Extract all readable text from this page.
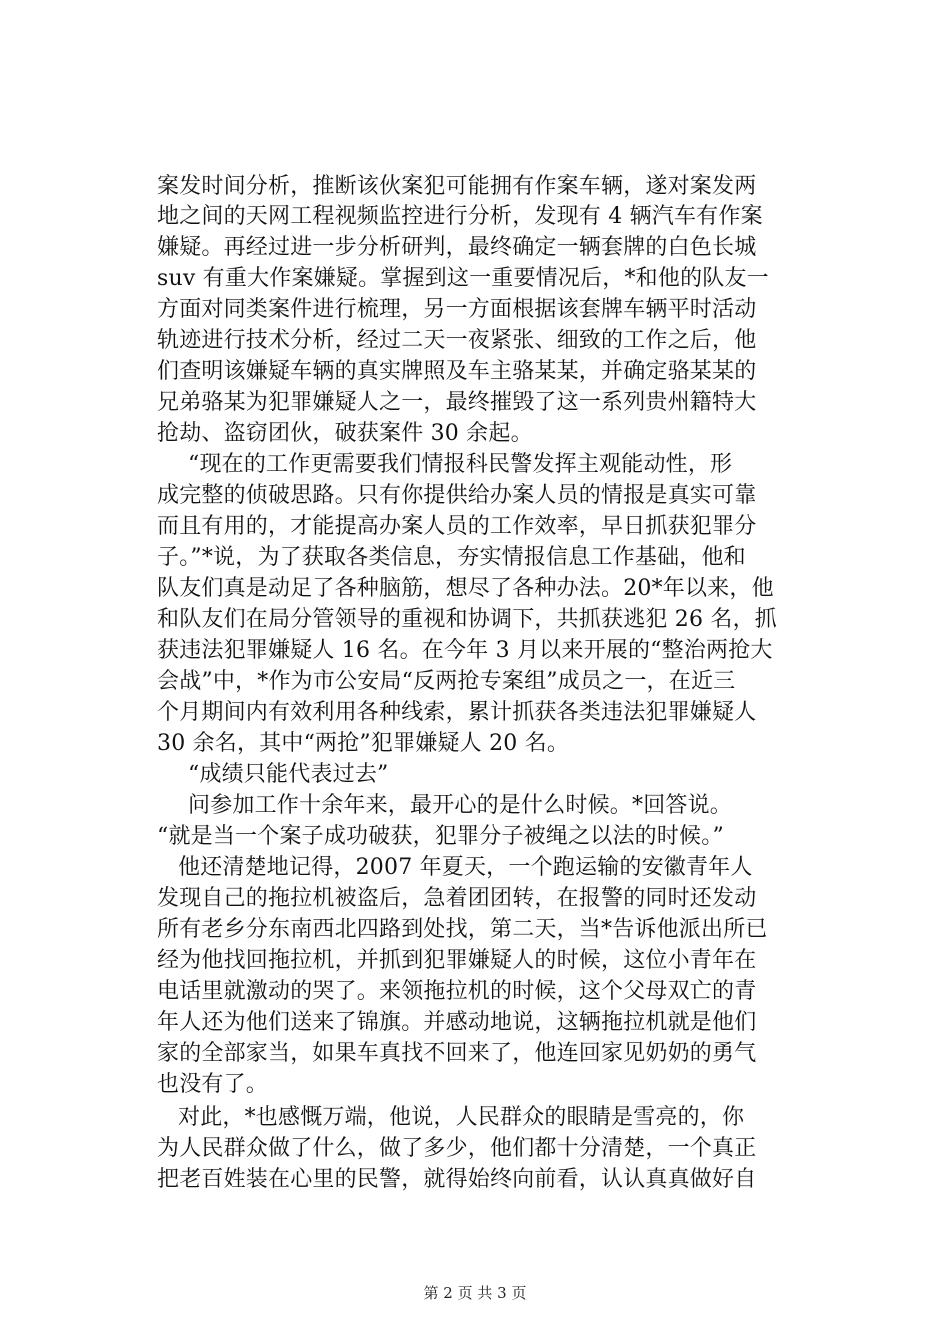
案发时间分析，推断该伙案犯可能拥有作案车辆，遂对案发两
地之间的天网工程视频监控进行分析，发现有 4 辆汽车有作案
嫌疑。再经过进一步分析研判，最终确定一辆套牌的白色长城
suv 有重大作案嫌疑。掌握到这一重要情况后，*和他的队友一
方面对同类案件进行梳理，另一方面根据该套牌车辆平时活动
轨迹进行技术分析，经过二天一夜紧张、细致的工作之后，他
们查明该嫌疑车辆的真实牌照及车主骆某某，并确定骆某某的
兄弟骆某为犯罪嫌疑人之一，最终摧毁了这一系列贵州籍特大
抢劫、盗窃团伙，破获案件 30 余起。
“现在的工作更需要我们情报科民警发挥主观能动性，形
成完整的侦破思路。只有你提供给办案人员的情报是真实可靠
而且有用的，才能提高办案人员的工作效率，早日抓获犯罪分
子。”*说，为了获取各类信息，夯实情报信息工作基础，他和
队友们真是动足了各种脑筋，想尽了各种办法。20*年以来，他
和队友们在局分管领导的重视和协调下，共抓获逃犯 26 名，抓
获违法犯罪嫌疑人 16 名。在今年 3 月以来开展的“整治两抢大
会战”中，*作为市公安局“反两抢专案组”成员之一，在近三
个月期间内有效利用各种线索，累计抓获各类违法犯罪嫌疑人
30 余名，其中“两抢”犯罪嫌疑人 20 名。
“成绩只能代表过去”
问参加工作十余年来，最开心的是什么时候。*回答说。
“就是当一个案子成功破获，犯罪分子被绳之以法的时候。”
他还清楚地记得，2007 年夏天，一个跑运输的安徽青年人
发现自己的拖拉机被盗后，急着团团转，在报警的同时还发动
所有老乡分东南西北四路到处找，第二天，当*告诉他派出所已
经为他找回拖拉机，并抓到犯罪嫌疑人的时候，这位小青年在
电话里就激动的哭了。来领拖拉机的时候，这个父母双亡的青
年人还为他们送来了锦旗。并感动地说，这辆拖拉机就是他们
家的全部家当，如果车真找不回来了，他连回家见奶奶的勇气
也没有了。
对此，*也感慨万端，他说，人民群众的眼睛是雪亮的，你
为人民群众做了什么，做了多少，他们都十分清楚，一个真正
把老百姓装在心里的民警，就得始终向前看，认认真真做好自
第 2 页 共 3 页
